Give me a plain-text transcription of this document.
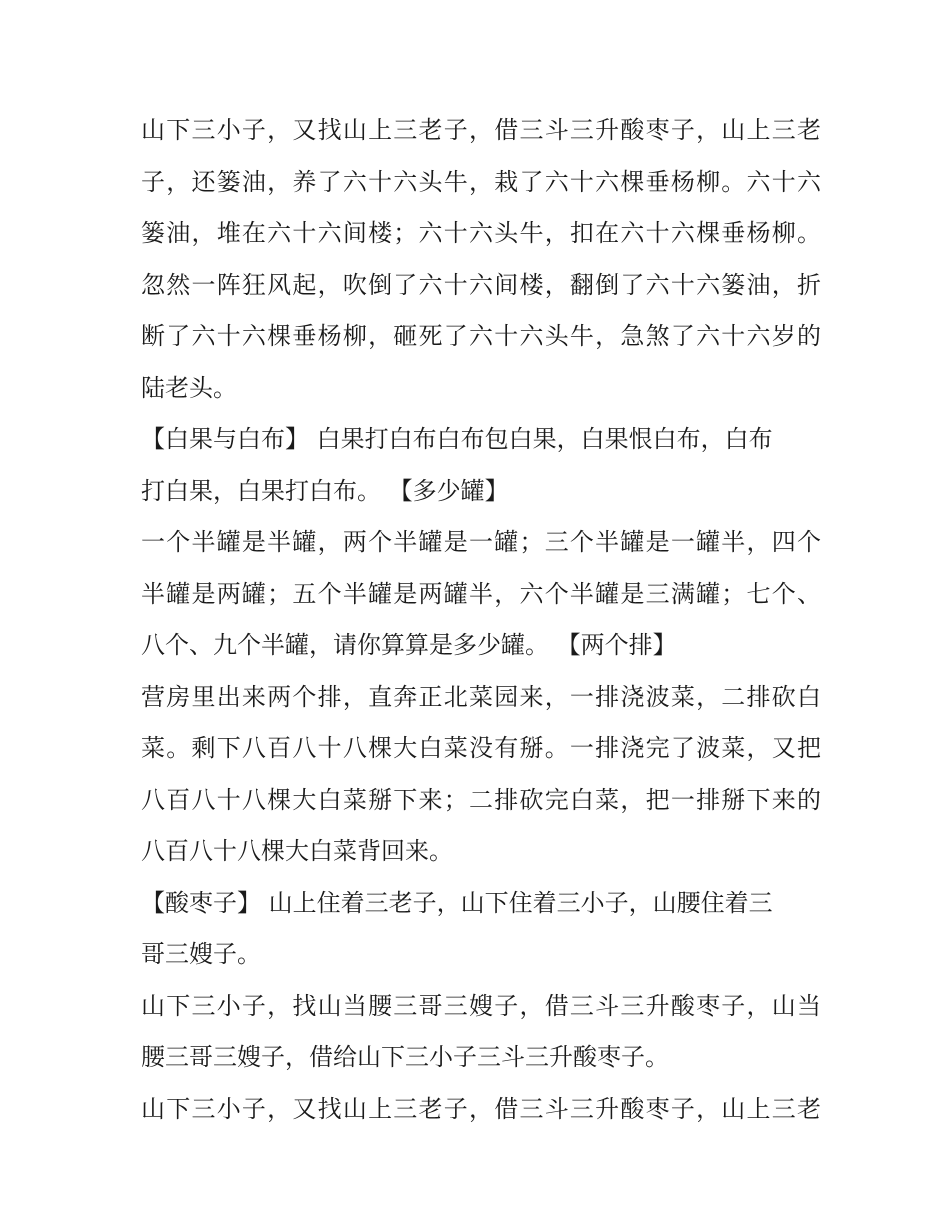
山下三小子，又找山上三老子，借三斗三升酸枣子，山上三老
子，还篓油，养了六十六头牛，栽了六十六棵垂杨柳。六十六
篓油，堆在六十六间楼；六十六头牛，扣在六十六棵垂杨柳。
忽然一阵狂风起，吹倒了六十六间楼，翻倒了六十六篓油，折
断了六十六棵垂杨柳，砸死了六十六头牛，急煞了六十六岁的
陆老头。
【白果与白布】 白果打白布白布包白果，白果恨白布，白布
打白果，白果打白布。 【多少罐】
一个半罐是半罐，两个半罐是一罐；三个半罐是一罐半，四个
半罐是两罐；五个半罐是两罐半，六个半罐是三满罐；七个、
八个、九个半罐，请你算算是多少罐。 【两个排】
营房里出来两个排，直奔正北菜园来，一排浇波菜，二排砍白
菜。剩下八百八十八棵大白菜没有掰。一排浇完了波菜，又把
八百八十八棵大白菜掰下来；二排砍完白菜，把一排掰下来的
八百八十八棵大白菜背回来。
【酸枣子】 山上住着三老子，山下住着三小子，山腰住着三
哥三嫂子。
山下三小子，找山当腰三哥三嫂子，借三斗三升酸枣子，山当
腰三哥三嫂子，借给山下三小子三斗三升酸枣子。
山下三小子，又找山上三老子，借三斗三升酸枣子，山上三老
